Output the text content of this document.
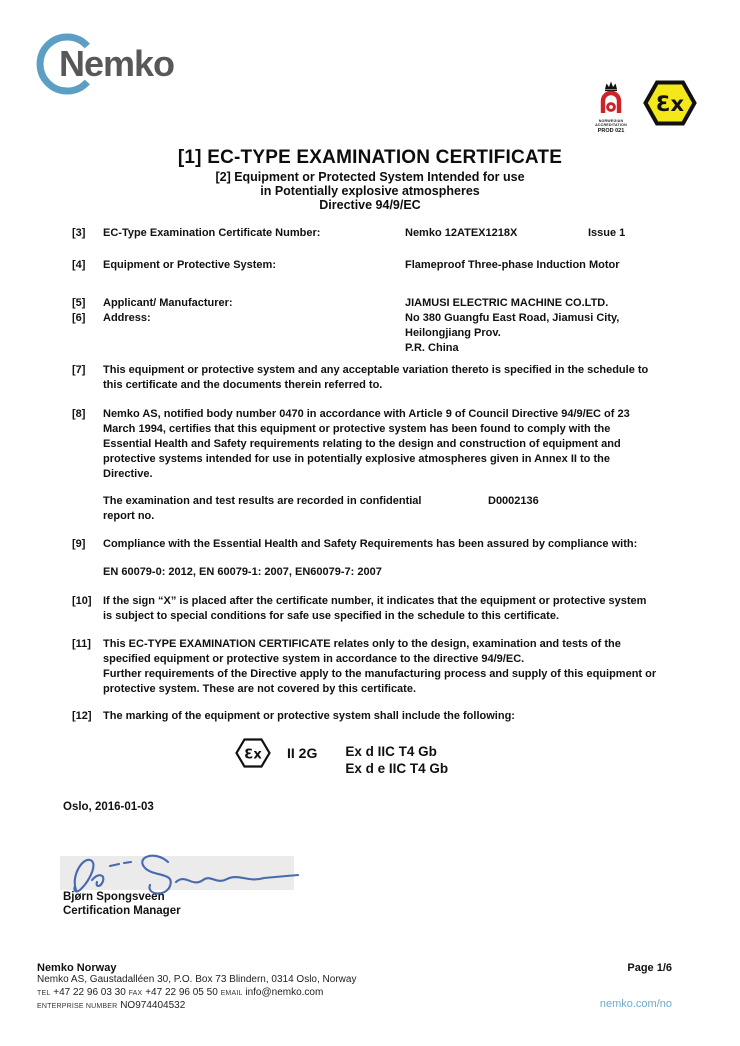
Nemko
NORWEGIAN
ACCREDITATION
PROD 021
Ɛx
[1] EC-TYPE EXAMINATION CERTIFICATE
[2] Equipment or Protected System Intended for use
in Potentially explosive atmospheres
Directive 94/9/EC
[3]	EC-Type Examination Certificate Number:	Nemko 12ATEX1218X	Issue 1
[4]	Equipment or Protective System:	Flameproof Three-phase Induction Motor
[5]	Applicant/ Manufacturer:	JIAMUSI ELECTRIC MACHINE CO.LTD.
[6]	Address:	No 380 Guangfu East Road, Jiamusi City,
Heilongjiang Prov.
P.R. China
[7]	This equipment or protective system and any acceptable variation thereto is specified in the schedule to this certificate and the documents therein referred to.
[8]	Nemko AS, notified body number 0470 in accordance with Article 9 of Council Directive 94/9/EC of 23 March 1994, certifies that this equipment or protective system has been found to comply with the Essential Health and Safety requirements relating to the design and construction of equipment and protective systems intended for use in potentially explosive atmospheres given in Annex II to the Directive.
The examination and test results are recorded in confidential	D0002136
report no.
[9]	Compliance with the Essential Health and Safety Requirements has been assured by compliance with:
EN 60079-0: 2012, EN 60079-1: 2007, EN60079-7: 2007
[10]	If the sign “X” is placed after the certificate number, it indicates that the equipment or protective system is subject to special conditions for safe use specified in the schedule to this certificate.
[11]	This EC-TYPE EXAMINATION CERTIFICATE relates only to the design, examination and tests of the specified equipment or protective system in accordance to the directive 94/9/EC.
Further requirements of the Directive apply to the manufacturing process and supply of this equipment or protective system. These are not covered by this certificate.
[12]	The marking of the equipment or protective system shall include the following:
Ɛx II 2G Ex d IIC T4 Gb
Ex d e IIC T4 Gb
Oslo, 2016-01-03
Bjørn Spongsveen
Certification Manager
Nemko Norway
Nemko AS, Gaustadalléen 30, P.O. Box 73 Blindern, 0314 Oslo, Norway
TEL +47 22 96 03 30 FAX +47 22 96 05 50 EMAIL info@nemko.com
ENTERPRISE NUMBER NO974404532
Page 1/6
nemko.com/no
